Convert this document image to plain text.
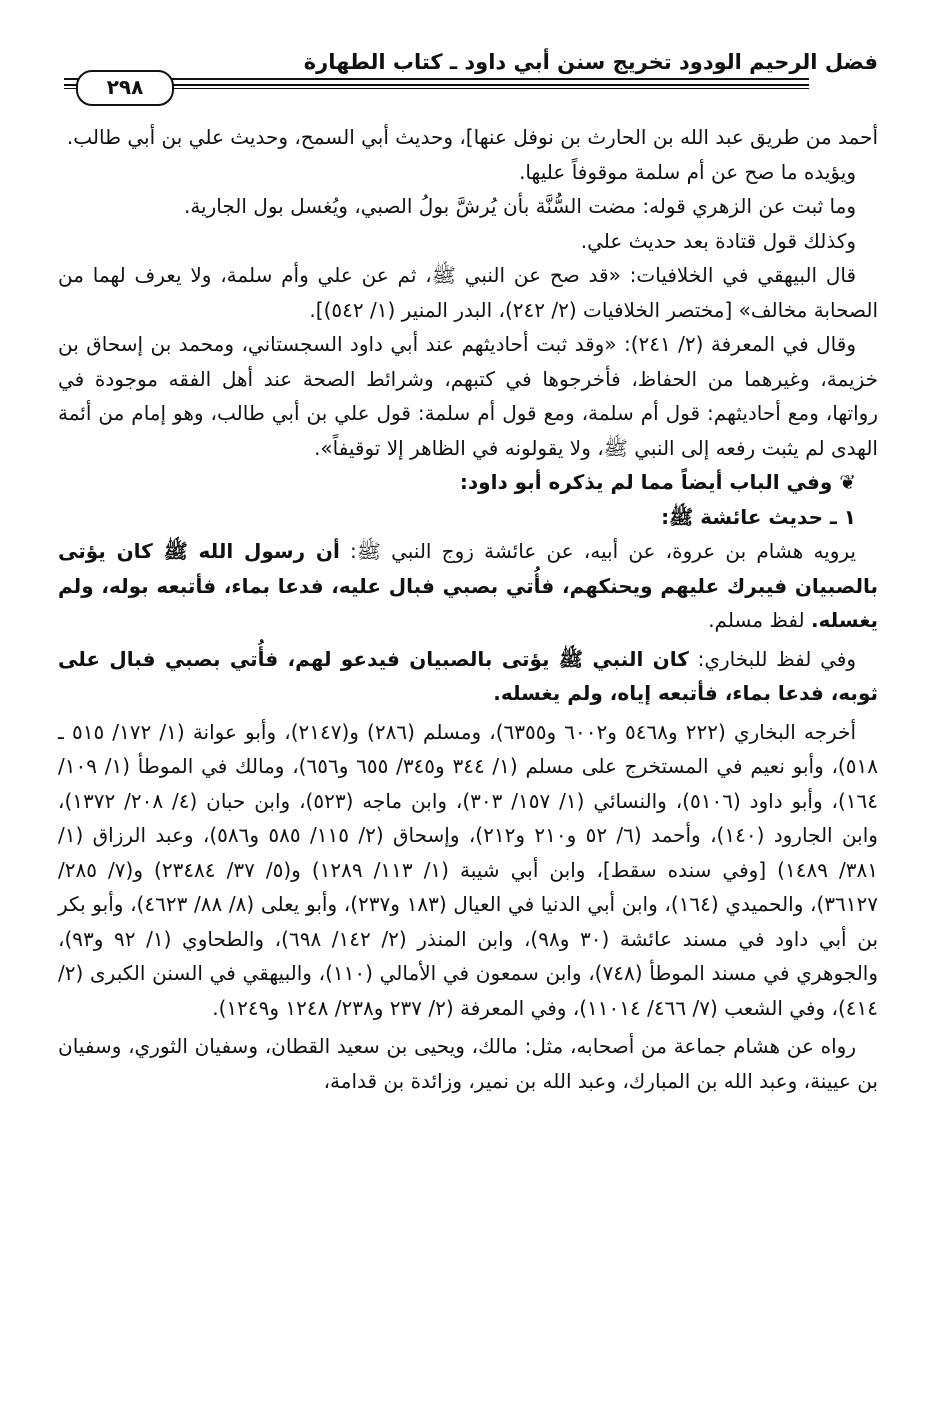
فضل الرحيم الودود تخريج سنن أبي داود ـ كتاب الطهارة
٢٩٨

أحمد من طريق عبد الله بن الحارث بن نوفل عنها]، وحديث أبي السمح، وحديث علي بن أبي طالب.

ويؤيده ما صح عن أم سلمة موقوفاً عليها.

وما ثبت عن الزهري قوله: مضت السُّنَّة بأن يُرشَّ بولُ الصبي، ويُغسل بول الجارية.

وكذلك قول قتادة بعد حديث علي.

قال البيهقي في الخلافيات: «قد صح عن النبي ﷺ، ثم عن علي وأم سلمة، ولا يعرف لهما من الصحابة مخالف» [مختصر الخلافيات (٢/ ٢٤٢)، البدر المنير (١/ ٥٤٢)].

وقال في المعرفة (٢/ ٢٤١): «وقد ثبت أحاديثهم عند أبي داود السجستاني، ومحمد بن إسحاق بن خزيمة، وغيرهما من الحفاظ، فأخرجوها في كتبهم، وشرائط الصحة عند أهل الفقه موجودة في رواتها، ومع أحاديثهم: قول أم سلمة، ومع قول أم سلمة: قول علي بن أبي طالب، وهو إمام من أئمة الهدى لم يثبت رفعه إلى النبي ﷺ، ولا يقولونه في الظاهر إلا توقيفاً».

❦ وفي الباب أيضاً مما لم يذكره أبو داود:

١ ـ حديث عائشة ﷺ:

يرويه هشام بن عروة، عن أبيه، عن عائشة زوج النبي ﷺ: أن رسول الله ﷺ كان يؤتى بالصبيان فيبرك عليهم ويحنكهم، فأُتي بصبي فبال عليه، فدعا بماء، فأتبعه بوله، ولم يغسله. لفظ مسلم.

وفي لفظ للبخاري: كان النبي ﷺ يؤتى بالصبيان فيدعو لهم، فأُتي بصبي فبال على ثوبه، فدعا بماء، فأتبعه إياه، ولم يغسله.

أخرجه البخاري (٢٢٢ و٥٤٦٨ و٦٠٠٢ و٦٣٥٥)، ومسلم (٢٨٦) و(٢١٤٧)، وأبو عوانة (١/ ١٧٢/ ٥١٥ ـ ٥١٨)، وأبو نعيم في المستخرج على مسلم (١/ ٣٤٤ و٣٤٥/ ٦٥٥ و٦٥٦)، ومالك في الموطأ (١/ ١٠٩/ ١٦٤)، وأبو داود (٥١٠٦)، والنسائي (١/ ١٥٧/ ٣٠٣)، وابن ماجه (٥٢٣)، وابن حبان (٤/ ٢٠٨/ ١٣٧٢)، وابن الجارود (١٤٠)، وأحمد (٦/ ٥٢ و٢١٠ و٢١٢)، وإسحاق (٢/ ١١٥/ ٥٨٥ و٥٨٦)، وعبد الرزاق (١/ ٣٨١/ ١٤٨٩) [وفي سنده سقط]، وابن أبي شيبة (١/ ١١٣/ ١٢٨٩) و(٥/ ٣٧/ ٢٣٤٨٤) و(٧/ ٢٨٥/ ٣٦١٢٧)، والحميدي (١٦٤)، وابن أبي الدنيا في العيال (١٨٣ و٢٣٧)، وأبو يعلى (٨/ ٨٨/ ٤٦٢٣)، وأبو بكر بن أبي داود في مسند عائشة (٣٠ و٩٨)، وابن المنذر (٢/ ١٤٢/ ٦٩٨)، والطحاوي (١/ ٩٢ و٩٣)، والجوهري في مسند الموطأ (٧٤٨)، وابن سمعون في الأمالي (١١٠)، والبيهقي في السنن الكبرى (٢/ ٤١٤)، وفي الشعب (٧/ ٤٦٦/ ١١٠١٤)، وفي المعرفة (٢/ ٢٣٧ و٢٣٨/ ١٢٤٨ و١٢٤٩).

رواه عن هشام جماعة من أصحابه، مثل: مالك، ويحيى بن سعيد القطان، وسفيان الثوري، وسفيان بن عيينة، وعبد الله بن المبارك، وعبد الله بن نمير، وزائدة بن قدامة،
